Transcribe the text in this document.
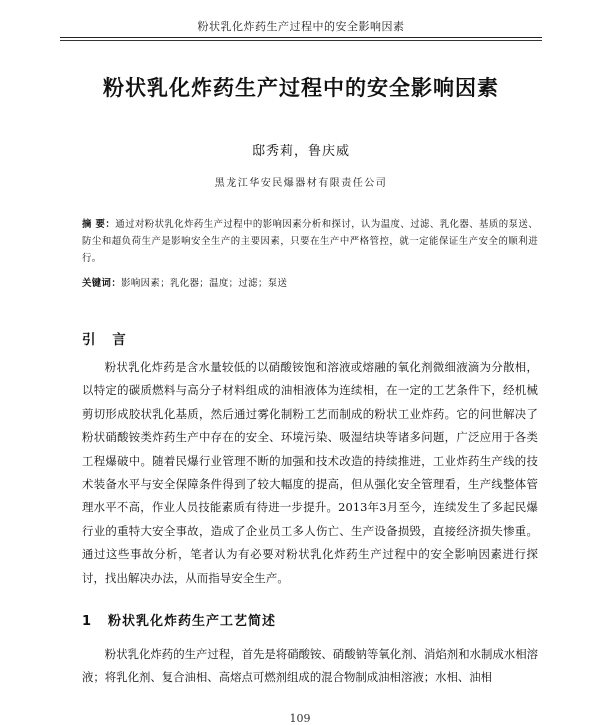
粉状乳化炸药生产过程中的安全影响因素
粉状乳化炸药生产过程中的安全影响因素
邸秀莉，鲁庆威
黑龙江华安民爆器材有限责任公司
摘 要：通过对粉状乳化炸药生产过程中的影响因素分析和探讨，认为温度、过滤、乳化器、基质的泵送、防尘和超负荷生产是影响安全生产的主要因素，只要在生产中严格管控，就一定能保证生产安全的顺利进行。
关键词：影响因素；乳化器；温度；过滤；泵送
引 言
粉状乳化炸药是含水量较低的以硝酸铵饱和溶液或熔融的氧化剂微细液滴为分散相，以特定的碳质燃料与高分子材料组成的油相液体为连续相，在一定的工艺条件下，经机械剪切形成胶状乳化基质，然后通过雾化制粉工艺而制成的粉状工业炸药。它的问世解决了粉状硝酸铵类炸药生产中存在的安全、环境污染、吸湿结块等诸多问题，广泛应用于各类工程爆破中。随着民爆行业管理不断的加强和技术改造的持续推进，工业炸药生产线的技术装备水平与安全保障条件得到了较大幅度的提高，但从强化安全管理看，生产线整体管理水平不高，作业人员技能素质有待进一步提升。2013年3月至今，连续发生了多起民爆行业的重特大安全事故，造成了企业员工多人伤亡、生产设备损毁，直接经济损失惨重。通过这些事故分析，笔者认为有必要对粉状乳化炸药生产过程中的安全影响因素进行探讨，找出解决办法，从而指导安全生产。
1 粉状乳化炸药生产工艺简述
粉状乳化炸药的生产过程，首先是将硝酸铵、硝酸钠等氧化剂、消焰剂和水制成水相溶液；将乳化剂、复合油相、高熔点可燃剂组成的混合物制成油相溶液；水相、油相
109
